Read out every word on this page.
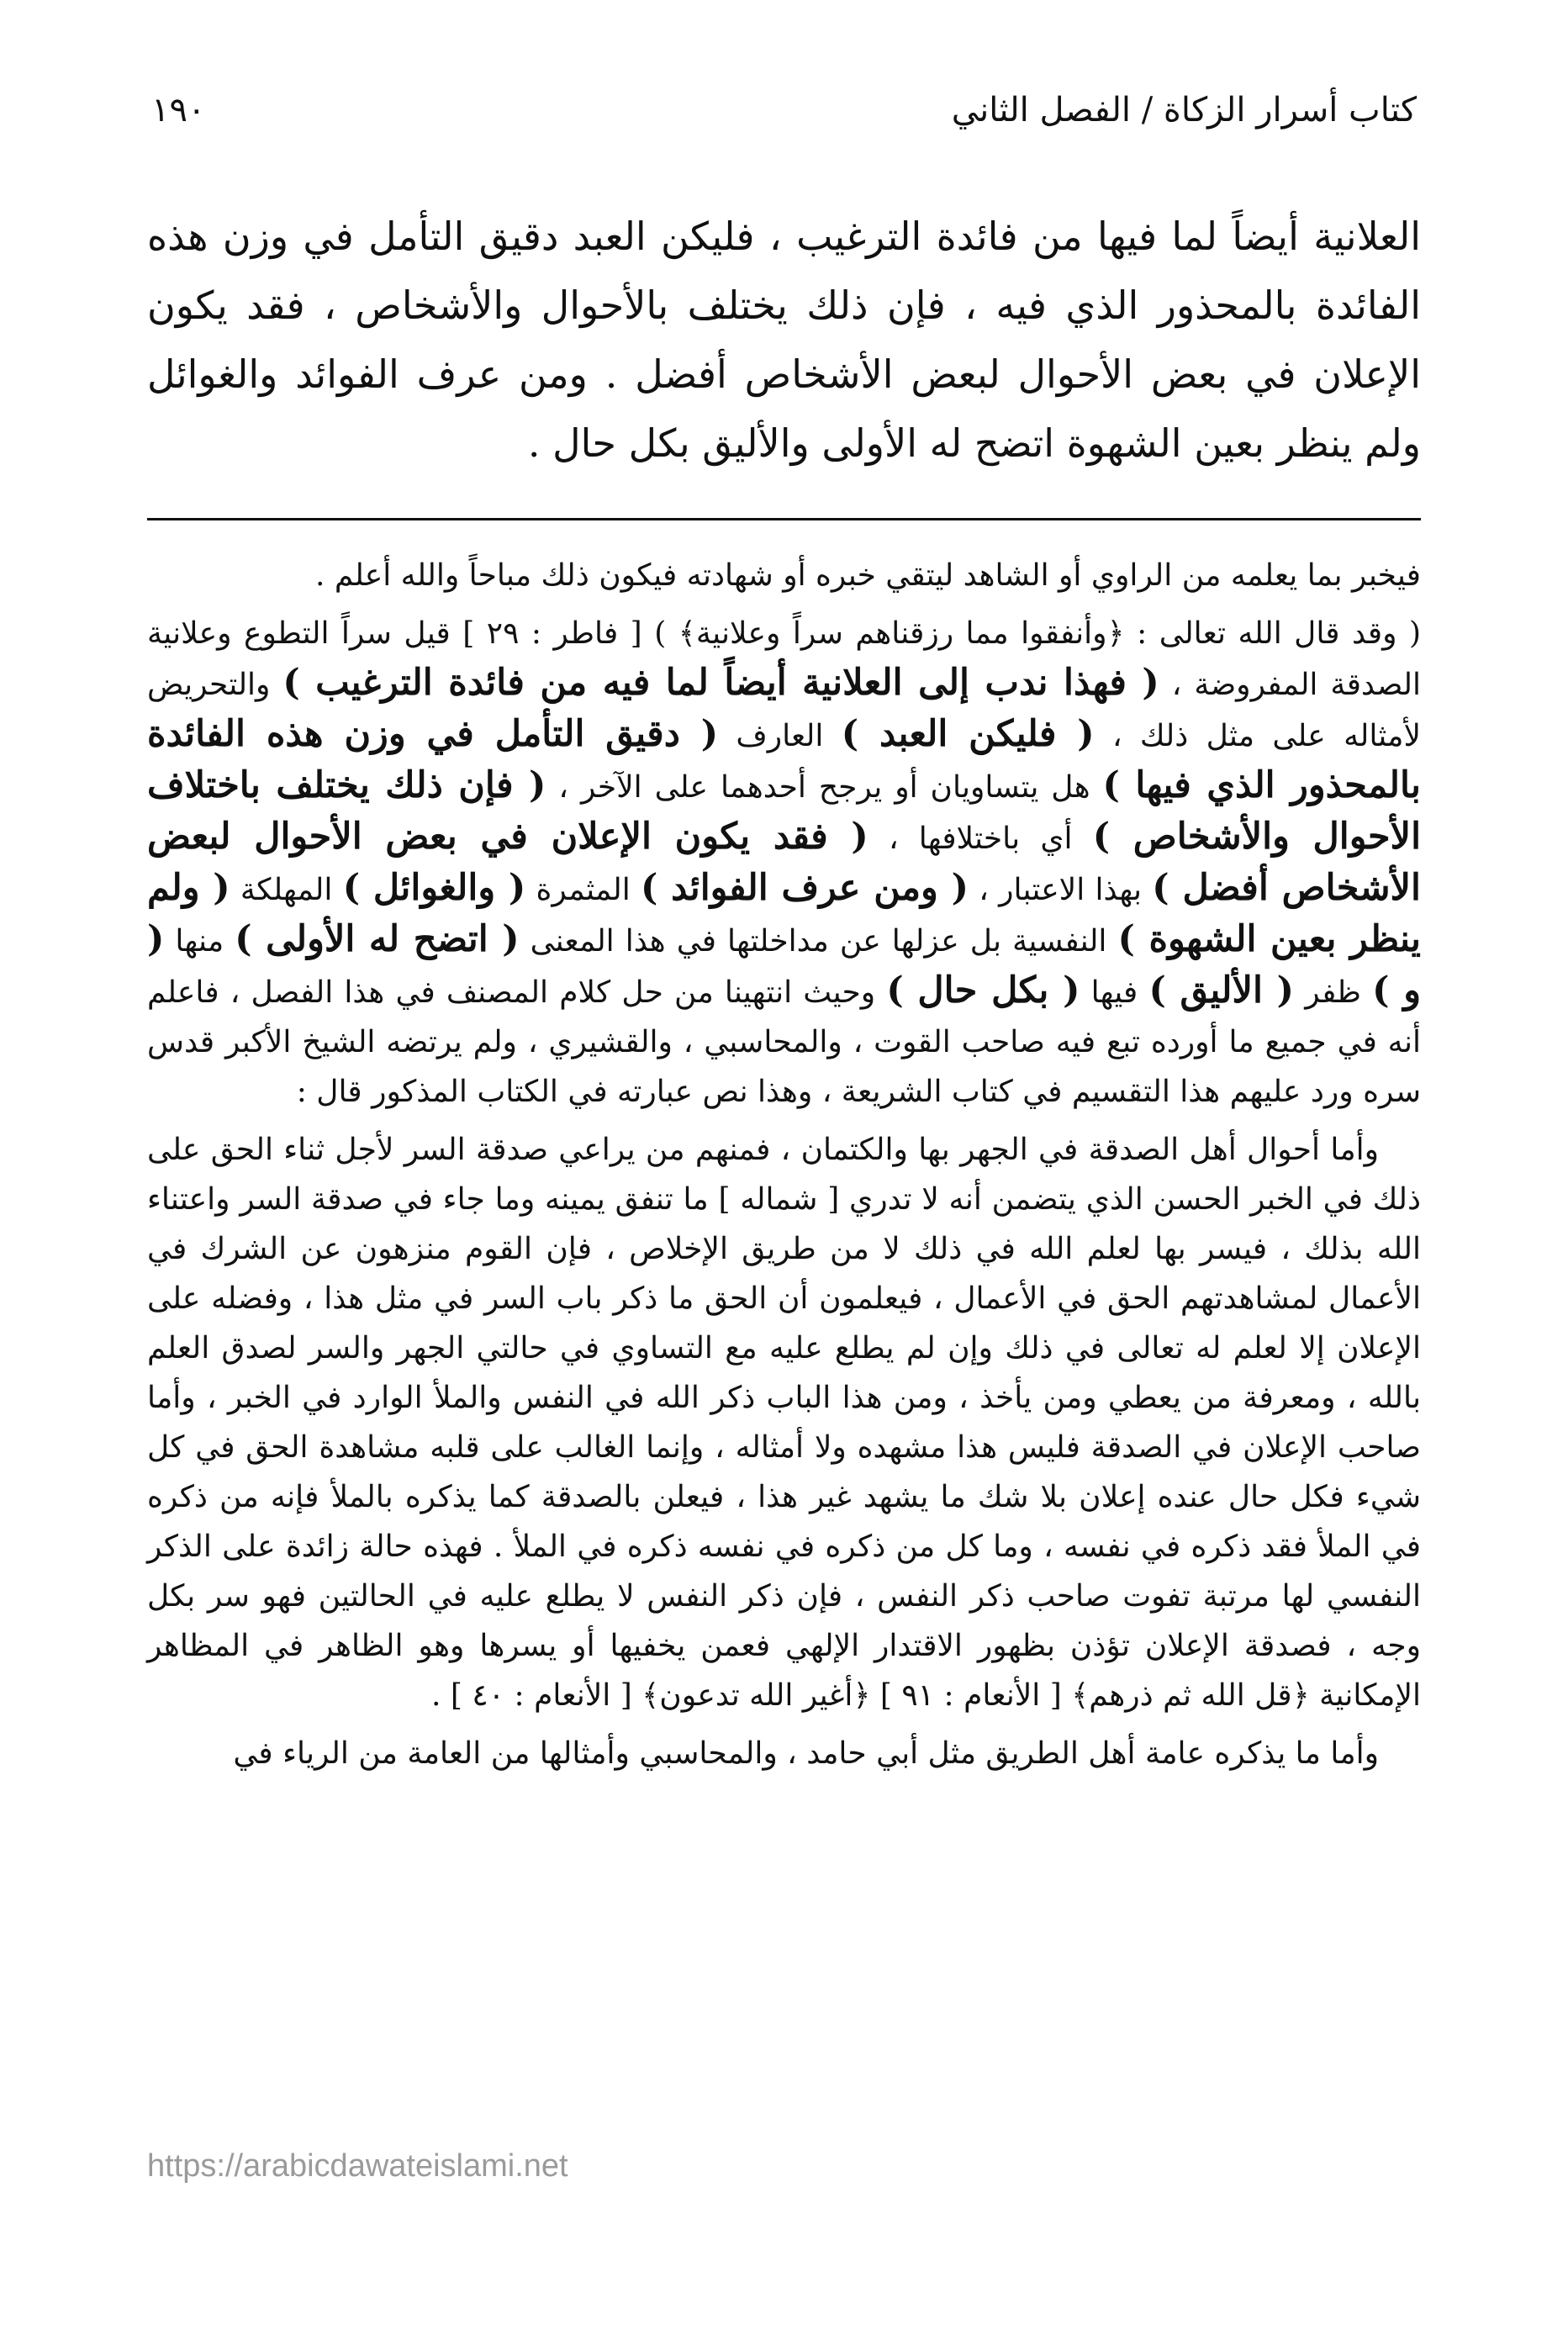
كتاب أسرار الزكاة / الفصل الثاني
١٩٠
العلانية أيضاً لما فيها من فائدة الترغيب ، فليكن العبد دقيق التأمل في وزن هذه الفائدة بالمحذور الذي فيه ، فإن ذلك يختلف بالأحوال والأشخاص ، فقد يكون الإعلان في بعض الأحوال لبعض الأشخاص أفضل . ومن عرف الفوائد والغوائل ولم ينظر بعين الشهوة اتضح له الأولى والأليق بكل حال .

فيخبر بما يعلمه من الراوي أو الشاهد ليتقي خبره أو شهادته فيكون ذلك مباحاً والله أعلم .

( وقد قال الله تعالى : ﴿وأنفقوا مما رزقناهم سراً وعلانية﴾ ) [ فاطر : ٢٩ ] قيل سراً التطوع وعلانية الصدقة المفروضة ، ( فهذا ندب إلى العلانية أيضاً لما فيه من فائدة الترغيب ) والتحريض لأمثاله على مثل ذلك ، ( فليكن العبد ) العارف ( دقيق التأمل في وزن هذه الفائدة بالمحذور الذي فيها ) هل يتساويان أو يرجح أحدهما على الآخر ، ( فإن ذلك يختلف باختلاف الأحوال والأشخاص ) أي باختلافها ، ( فقد يكون الإعلان في بعض الأحوال لبعض الأشخاص أفضل ) بهذا الاعتبار ، ( ومن عرف الفوائد ) المثمرة ( والغوائل ) المهلكة ( ولم ينظر بعين الشهوة ) النفسية بل عزلها عن مداخلتها في هذا المعنى ( اتضح له الأولى ) منها ( و ) ظفر ( الأليق ) فيها ( بكل حال ) وحيث انتهينا من حل كلام المصنف في هذا الفصل ، فاعلم أنه في جميع ما أورده تبع فيه صاحب القوت ، والمحاسبي ، والقشيري ، ولم يرتضه الشيخ الأكبر قدس سره ورد عليهم هذا التقسيم في كتاب الشريعة ، وهذا نص عبارته في الكتاب المذكور قال :

وأما أحوال أهل الصدقة في الجهر بها والكتمان ، فمنهم من يراعي صدقة السر لأجل ثناء الحق على ذلك في الخبر الحسن الذي يتضمن أنه لا تدري [ شماله ] ما تنفق يمينه وما جاء في صدقة السر واعتناء الله بذلك ، فيسر بها لعلم الله في ذلك لا من طريق الإخلاص ، فإن القوم منزهون عن الشرك في الأعمال لمشاهدتهم الحق في الأعمال ، فيعلمون أن الحق ما ذكر باب السر في مثل هذا ، وفضله على الإعلان إلا لعلم له تعالى في ذلك وإن لم يطلع عليه مع التساوي في حالتي الجهر والسر لصدق العلم بالله ، ومعرفة من يعطي ومن يأخذ ، ومن هذا الباب ذكر الله في النفس والملأ الوارد في الخبر ، وأما صاحب الإعلان في الصدقة فليس هذا مشهده ولا أمثاله ، وإنما الغالب على قلبه مشاهدة الحق في كل شيء فكل حال عنده إعلان بلا شك ما يشهد غير هذا ، فيعلن بالصدقة كما يذكره بالملأ فإنه من ذكره في الملأ فقد ذكره في نفسه ، وما كل من ذكره في نفسه ذكره في الملأ . فهذه حالة زائدة على الذكر النفسي لها مرتبة تفوت صاحب ذكر النفس ، فإن ذكر النفس لا يطلع عليه في الحالتين فهو سر بكل وجه ، فصدقة الإعلان تؤذن بظهور الاقتدار الإلهي فعمن يخفيها أو يسرها وهو الظاهر في المظاهر الإمكانية ﴿قل الله ثم ذرهم﴾ [ الأنعام : ٩١ ] ﴿أغير الله تدعون﴾ [ الأنعام : ٤٠ ] .

وأما ما يذكره عامة أهل الطريق مثل أبي حامد ، والمحاسبي وأمثالها من العامة من الرياء في

https://arabicdawateislami.net
